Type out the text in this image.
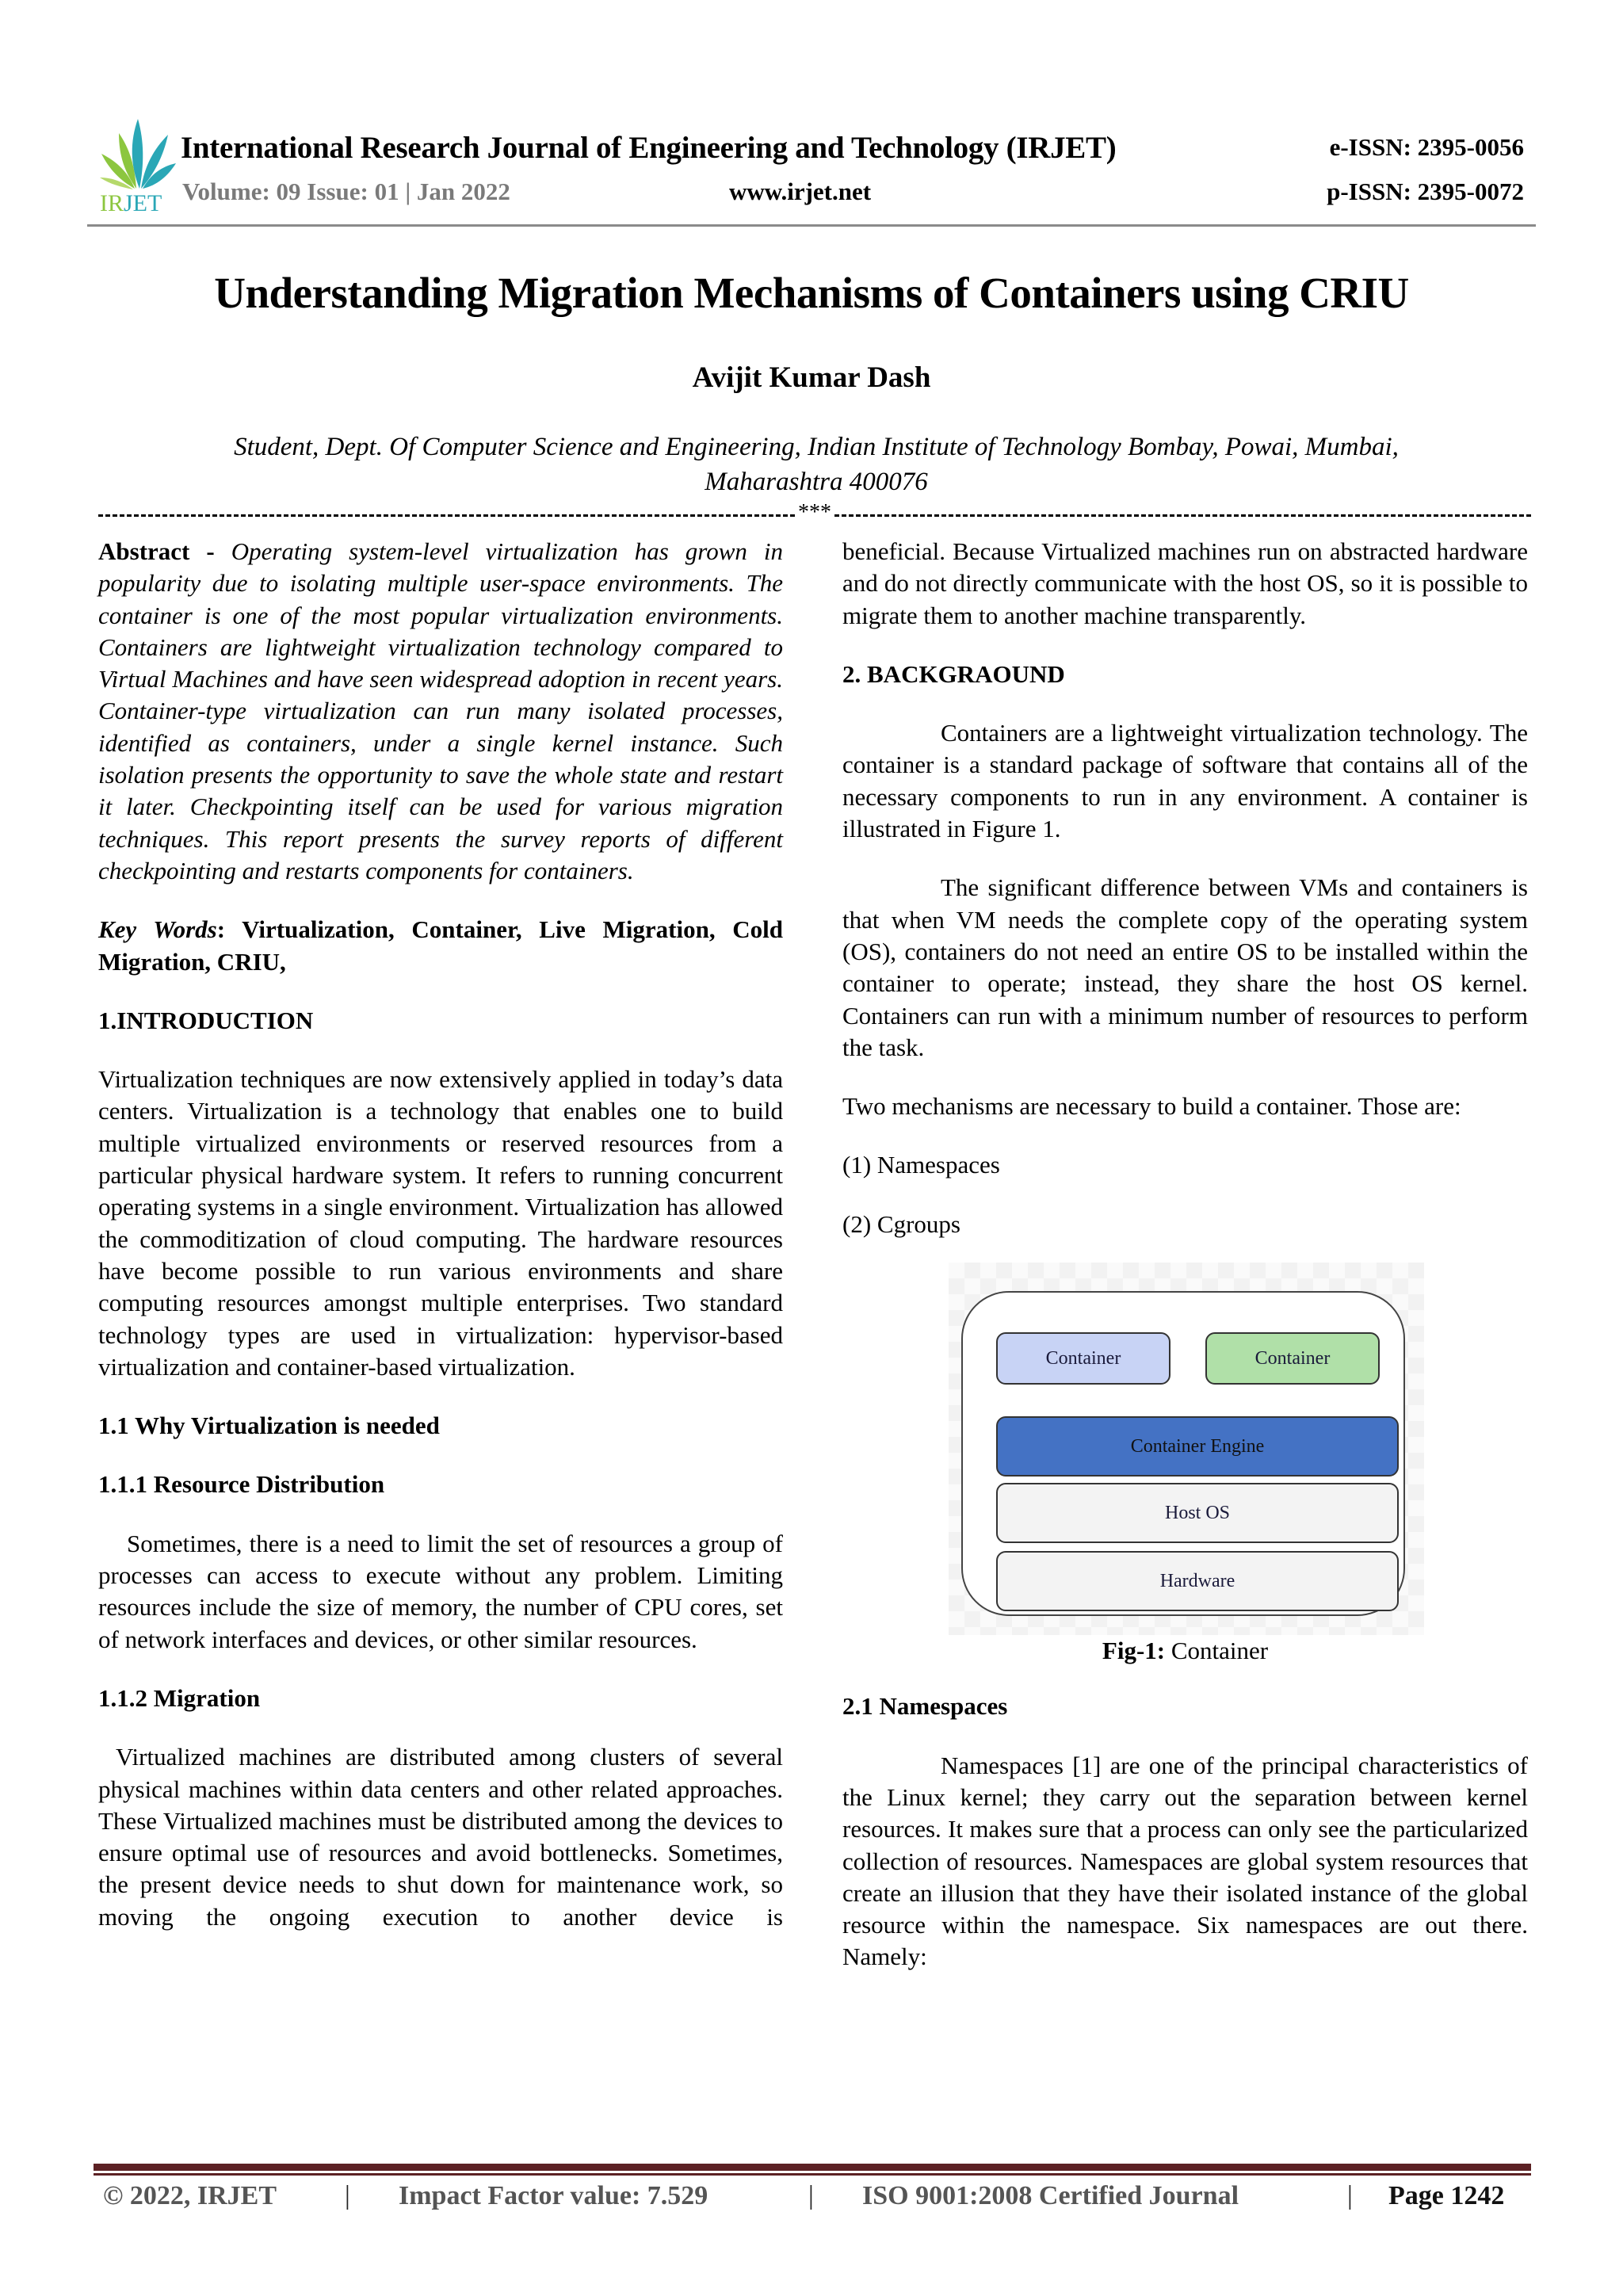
IRJET
International Research Journal of Engineering and Technology (IRJET)
Volume: 09 Issue: 01 | Jan 2022	www.irjet.net
e-ISSN: 2395-0056
p-ISSN: 2395-0072
Understanding Migration Mechanisms of Containers using CRIU
Avijit Kumar Dash
Student, Dept. Of Computer Science and Engineering, Indian Institute of Technology Bombay, Powai, Mumbai,
Maharashtra 400076
***

Abstract - Operating system-level virtualization has grown in popularity due to isolating multiple user-space environments. The container is one of the most popular virtualization environments. Containers are lightweight virtualization technology compared to Virtual Machines and have seen widespread adoption in recent years. Container-type virtualization can run many isolated processes, identified as containers, under a single kernel instance. Such isolation presents the opportunity to save the whole state and restart it later. Checkpointing itself can be used for various migration techniques. This report presents the survey reports of different checkpointing and restarts components for containers.

Key Words: Virtualization, Container, Live Migration, Cold Migration, CRIU,

1.INTRODUCTION

Virtualization techniques are now extensively applied in today’s data centers. Virtualization is a technology that enables one to build multiple virtualized environments or reserved resources from a particular physical hardware system. It refers to running concurrent operating systems in a single environment. Virtualization has allowed the commoditization of cloud computing. The hardware resources have become possible to run various environments and share computing resources amongst multiple enterprises. Two standard technology types are used in virtualization: hypervisor-based virtualization and container-based virtualization.

1.1 Why Virtualization is needed

1.1.1 Resource Distribution

Sometimes, there is a need to limit the set of resources a group of processes can access to execute without any problem. Limiting resources include the size of memory, the number of CPU cores, set of network interfaces and devices, or other similar resources.

1.1.2 Migration

Virtualized machines are distributed among clusters of several physical machines within data centers and other related approaches. These Virtualized machines must be distributed among the devices to ensure optimal use of resources and avoid bottlenecks. Sometimes, the present device needs to shut down for maintenance work, so moving the ongoing execution to another device is

beneficial. Because Virtualized machines run on abstracted hardware and do not directly communicate with the host OS, so it is possible to migrate them to another machine transparently.

2. BACKGRAOUND

Containers are a lightweight virtualization technology. The container is a standard package of software that contains all of the necessary components to run in any environment. A container is illustrated in Figure 1.

The significant difference between VMs and containers is that when VM needs the complete copy of the operating system (OS), containers do not need an entire OS to be installed within the container to operate; instead, they share the host OS kernel. Containers can run with a minimum number of resources to perform the task.

Two mechanisms are necessary to build a container. Those are:

(1) Namespaces

(2) Cgroups

Container	Container
Container Engine
Host OS
Hardware

Fig-1: Container

2.1 Namespaces

Namespaces [1] are one of the principal characteristics of the Linux kernel; they carry out the separation between kernel resources. It makes sure that a process can only see the particularized collection of resources. Namespaces are global system resources that create an illusion that they have their isolated instance of the global resource within the namespace. Six namespaces are out there. Namely:

© 2022, IRJET	| Impact Factor value: 7.529	| ISO 9001:2008 Certified Journal	| Page 1242
